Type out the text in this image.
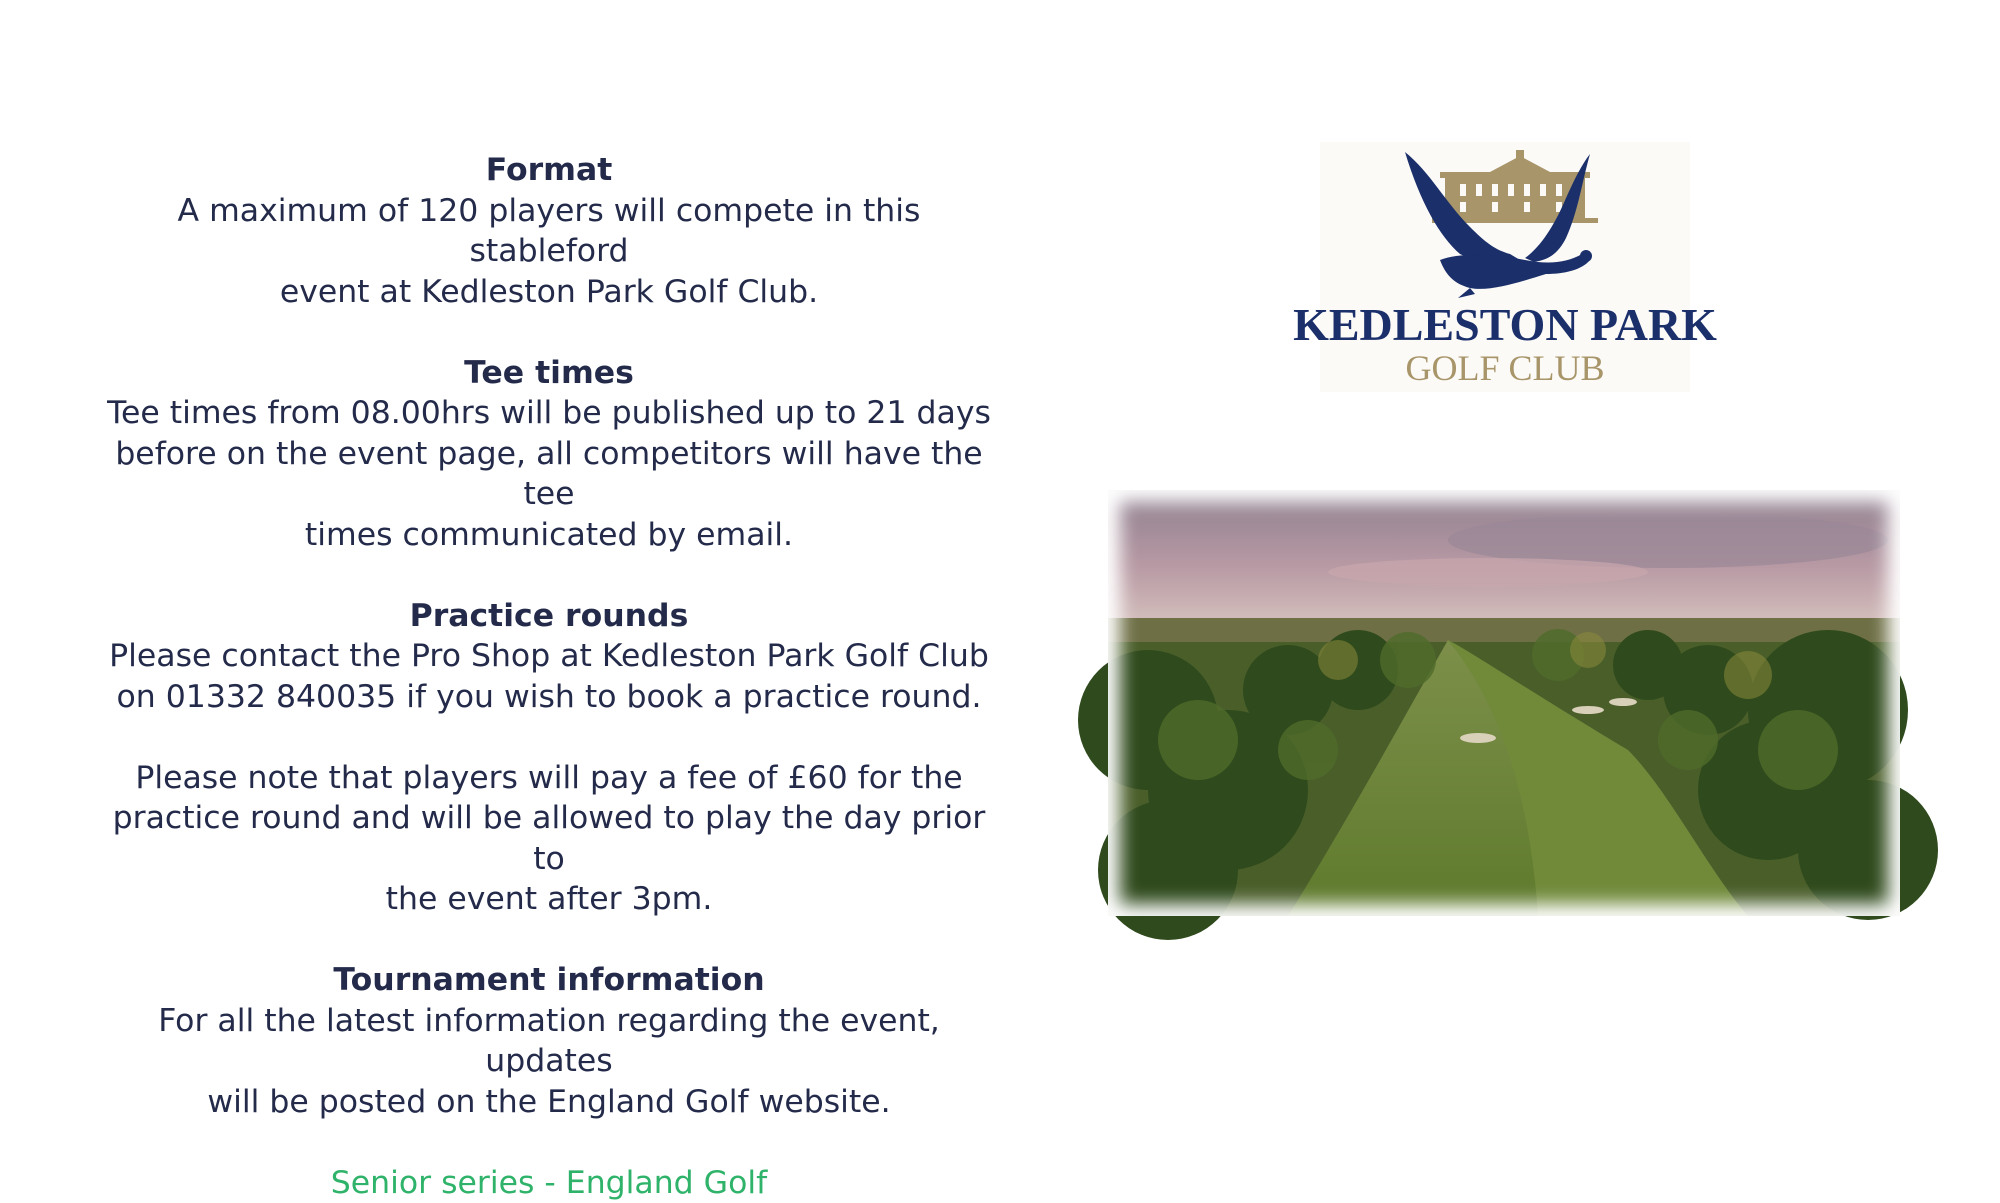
Format
A maximum of 120 players will compete in this stableford
event at Kedleston Park Golf Club.
Tee times
Tee times from 08.00hrs will be published up to 21 days
before on the event page, all competitors will have the tee
times communicated by email.
Practice rounds
Please contact the Pro Shop at Kedleston Park Golf Club
on 01332 840035 if you wish to book a practice round.
Please note that players will pay a fee of £60 for the
practice round and will be allowed to play the day prior to
the event after 3pm.
Tournament information
For all the latest information regarding the event, updates
will be posted on the England Golf website.
Senior series - England Golf
KEDLESTON PARK
GOLF CLUB
